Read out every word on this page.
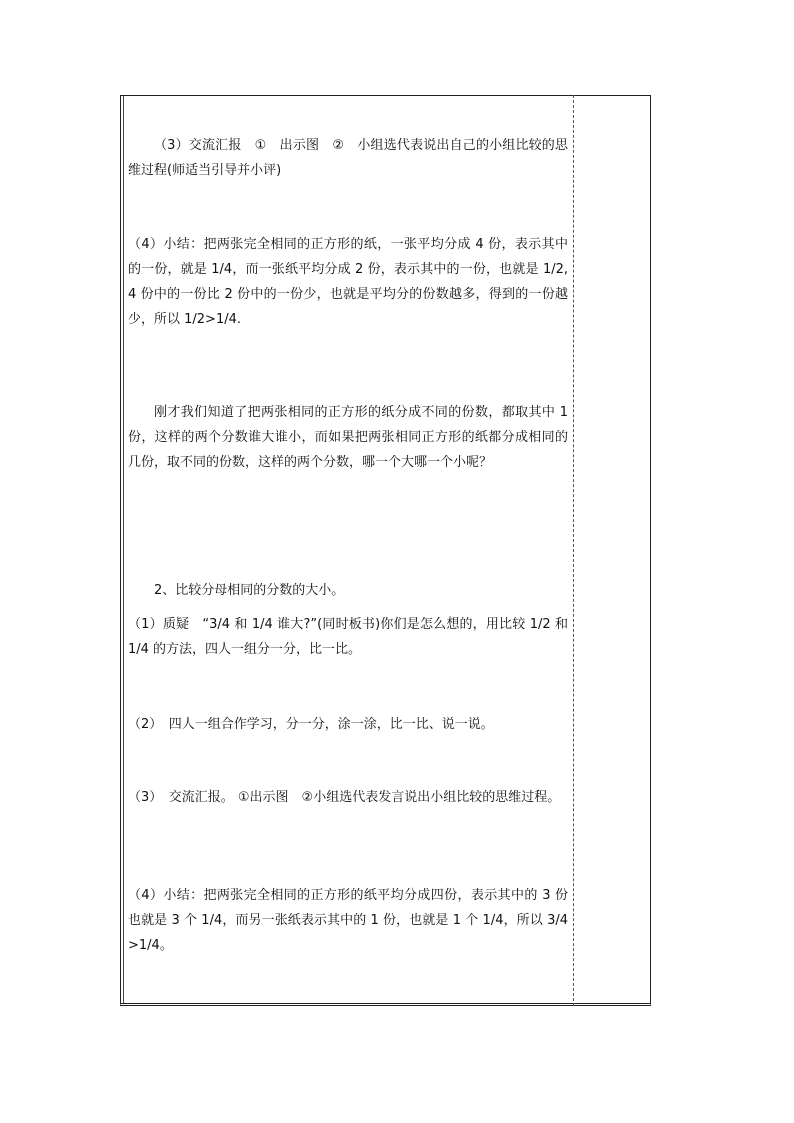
（3）交流汇报　①　出示图　②　小组选代表说出自己的小组比较的思维过程(师适当引导并小评)

（4）小结：把两张完全相同的正方形的纸，一张平均分成 4 份，表示其中的一份，就是 1/4，而一张纸平均分成 2 份，表示其中的一份，也就是 1/2,4 份中的一份比 2 份中的一份少，也就是平均分的份数越多，得到的一份越少，所以 1/2>1/4.

刚才我们知道了把两张相同的正方形的纸分成不同的份数，都取其中 1 份，这样的两个分数谁大谁小，而如果把两张相同正方形的纸都分成相同的几份，取不同的份数，这样的两个分数，哪一个大哪一个小呢？

2、比较分母相同的分数的大小。

（1）质疑　“3/4 和 1/4 谁大?”(同时板书)你们是怎么想的，用比较 1/2 和 1/4 的方法，四人一组分一分，比一比。

（2）　四人一组合作学习，分一分，涂一涂，比一比、说一说。

（3）　交流汇报。 ①出示图　②小组选代表发言说出小组比较的思维过程。

（4）小结：把两张完全相同的正方形的纸平均分成四份，表示其中的 3 份也就是 3 个 1/4，而另一张纸表示其中的 1 份，也就是 1 个 1/4，所以 3/4>1/4。
